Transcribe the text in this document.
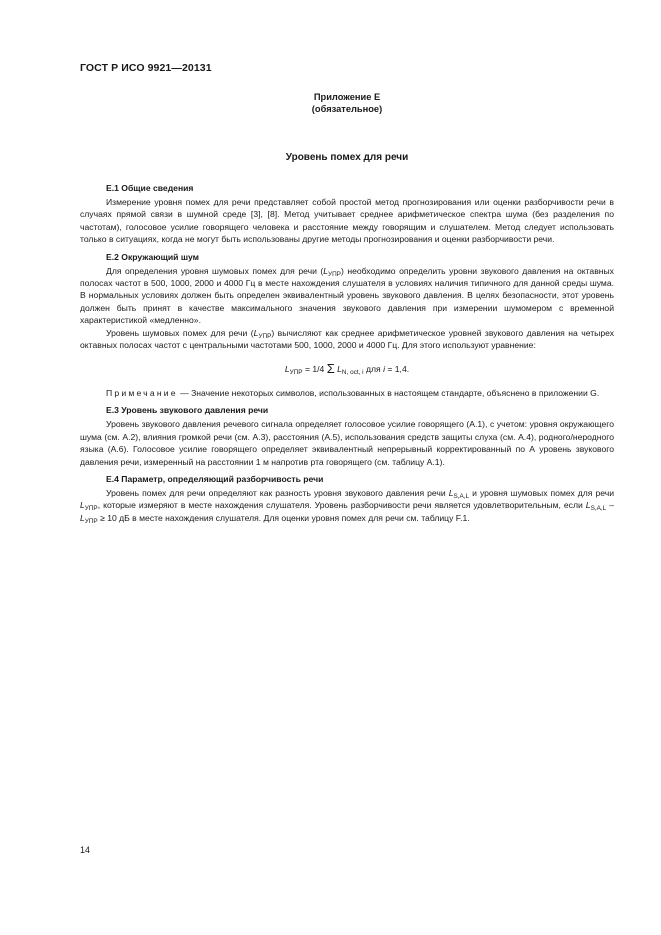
ГОСТ Р ИСО 9921—20131
Приложение Е
(обязательное)
Уровень помех для речи
Е.1 Общие сведения

Измерение уровня помех для речи представляет собой простой метод прогнозирования или оценки разборчивости речи в случаях прямой связи в шумной среде [3], [8]. Метод учитывает среднее арифметическое спектра шума (без разделения по частотам), голосовое усилие говорящего человека и расстояние между говорящим и слушателем. Метод следует использовать только в ситуациях, когда не могут быть использованы другие методы прогнозирования и оценки разборчивости речи.

Е.2 Окружающий шум

Для определения уровня шумовых помех для речи $(L_{УПР})$ необходимо определить уровни звукового давления на октавных полосах частот в 500, 1000, 2000 и 4000 Гц в месте нахождения слушателя в условиях наличия типичного для данной среды шума. В нормальных условиях должен быть определен эквивалентный уровень звукового давления. В целях безопасности, этот уровень должен быть принят в качестве максимального значения звукового давления при измерении шумомером с временной характеристикой «медленно».

Уровень шумовых помех для речи $(L_{УПР})$ вычисляют как среднее арифметическое уровней звукового давления на четырех октавных полосах частот с центральными частотами 500, 1000, 2000 и 4000 Гц. Для этого используют уравнение:

$L_{УПР} = 1/4$ Σ $L_{N, oct, i}$ для i = 1,4.

Примечание — Значение некоторых символов, использованных в настоящем стандарте, объяснено в приложении G.

Е.3 Уровень звукового давления речи

Уровень звукового давления речевого сигнала определяет голосовое усилие говорящего (А.1), с учетом: уровня окружающего шума (см. А.2), влияния громкой речи (см. А.3), расстояния (А.5), использования средств защиты слуха (см. А.4), родного/неродного языка (А.6). Голосовое усилие говорящего определяет эквивалентный непрерывный корректированный по А уровень звукового давления речи, измеренный на расстоянии 1 м напротив рта говорящего (см. таблицу А.1).

Е.4 Параметр, определяющий разборчивость речи

Уровень помех для речи определяют как разность уровня звукового давления речи $L_{S,A,L}$ и уровня шумовых помех для речи $L_{УПР}$, которые измеряют в месте нахождения слушателя. Уровень разборчивости речи является удовлетворительным, если $L_{S,A,L} - L_{УПР} \ge 10$ дБ в месте нахождения слушателя. Для оценки уровня помех для речи см. таблицу F.1.

14
